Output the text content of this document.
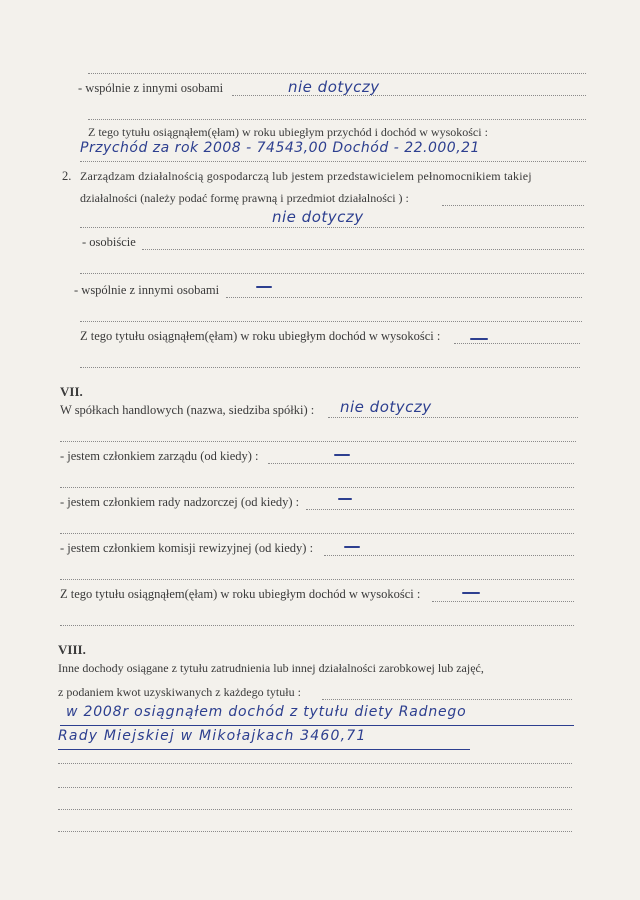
- wspólnie z innymi osobami	nie dotyczy
Z tego tytułu osiągnąłem(ęłam) w roku ubiegłym przychód i dochód w wysokości :
Przychód za rok 2008 - 74543,00 Dochód - 22.000,21
2. Zarządzam działalnością gospodarczą lub jestem przedstawicielem pełnomocnikiem takiej
działalności (należy podać formę prawną i przedmiot działalności ) :
nie dotyczy
- osobiście
- wspólnie z innymi osobami
Z tego tytułu osiągnąłem(ęłam) w roku ubiegłym dochód w wysokości :
VII.
W spółkach handlowych (nazwa, siedziba spółki) : nie dotyczy
- jestem członkiem zarządu (od kiedy) :
- jestem członkiem rady nadzorczej (od kiedy) :
- jestem członkiem komisji rewizyjnej (od kiedy) :
Z tego tytułu osiągnąłem(ęłam) w roku ubiegłym dochód w wysokości :
VIII.
Inne dochody osiągane z tytułu zatrudnienia lub innej działalności zarobkowej lub zajęć,
z podaniem kwot uzyskiwanych z każdego tytułu :
w 2008r osiągnąłem dochód z tytułu diety Radnego
Rady Miejskiej w Mikołajkach 3460,71
